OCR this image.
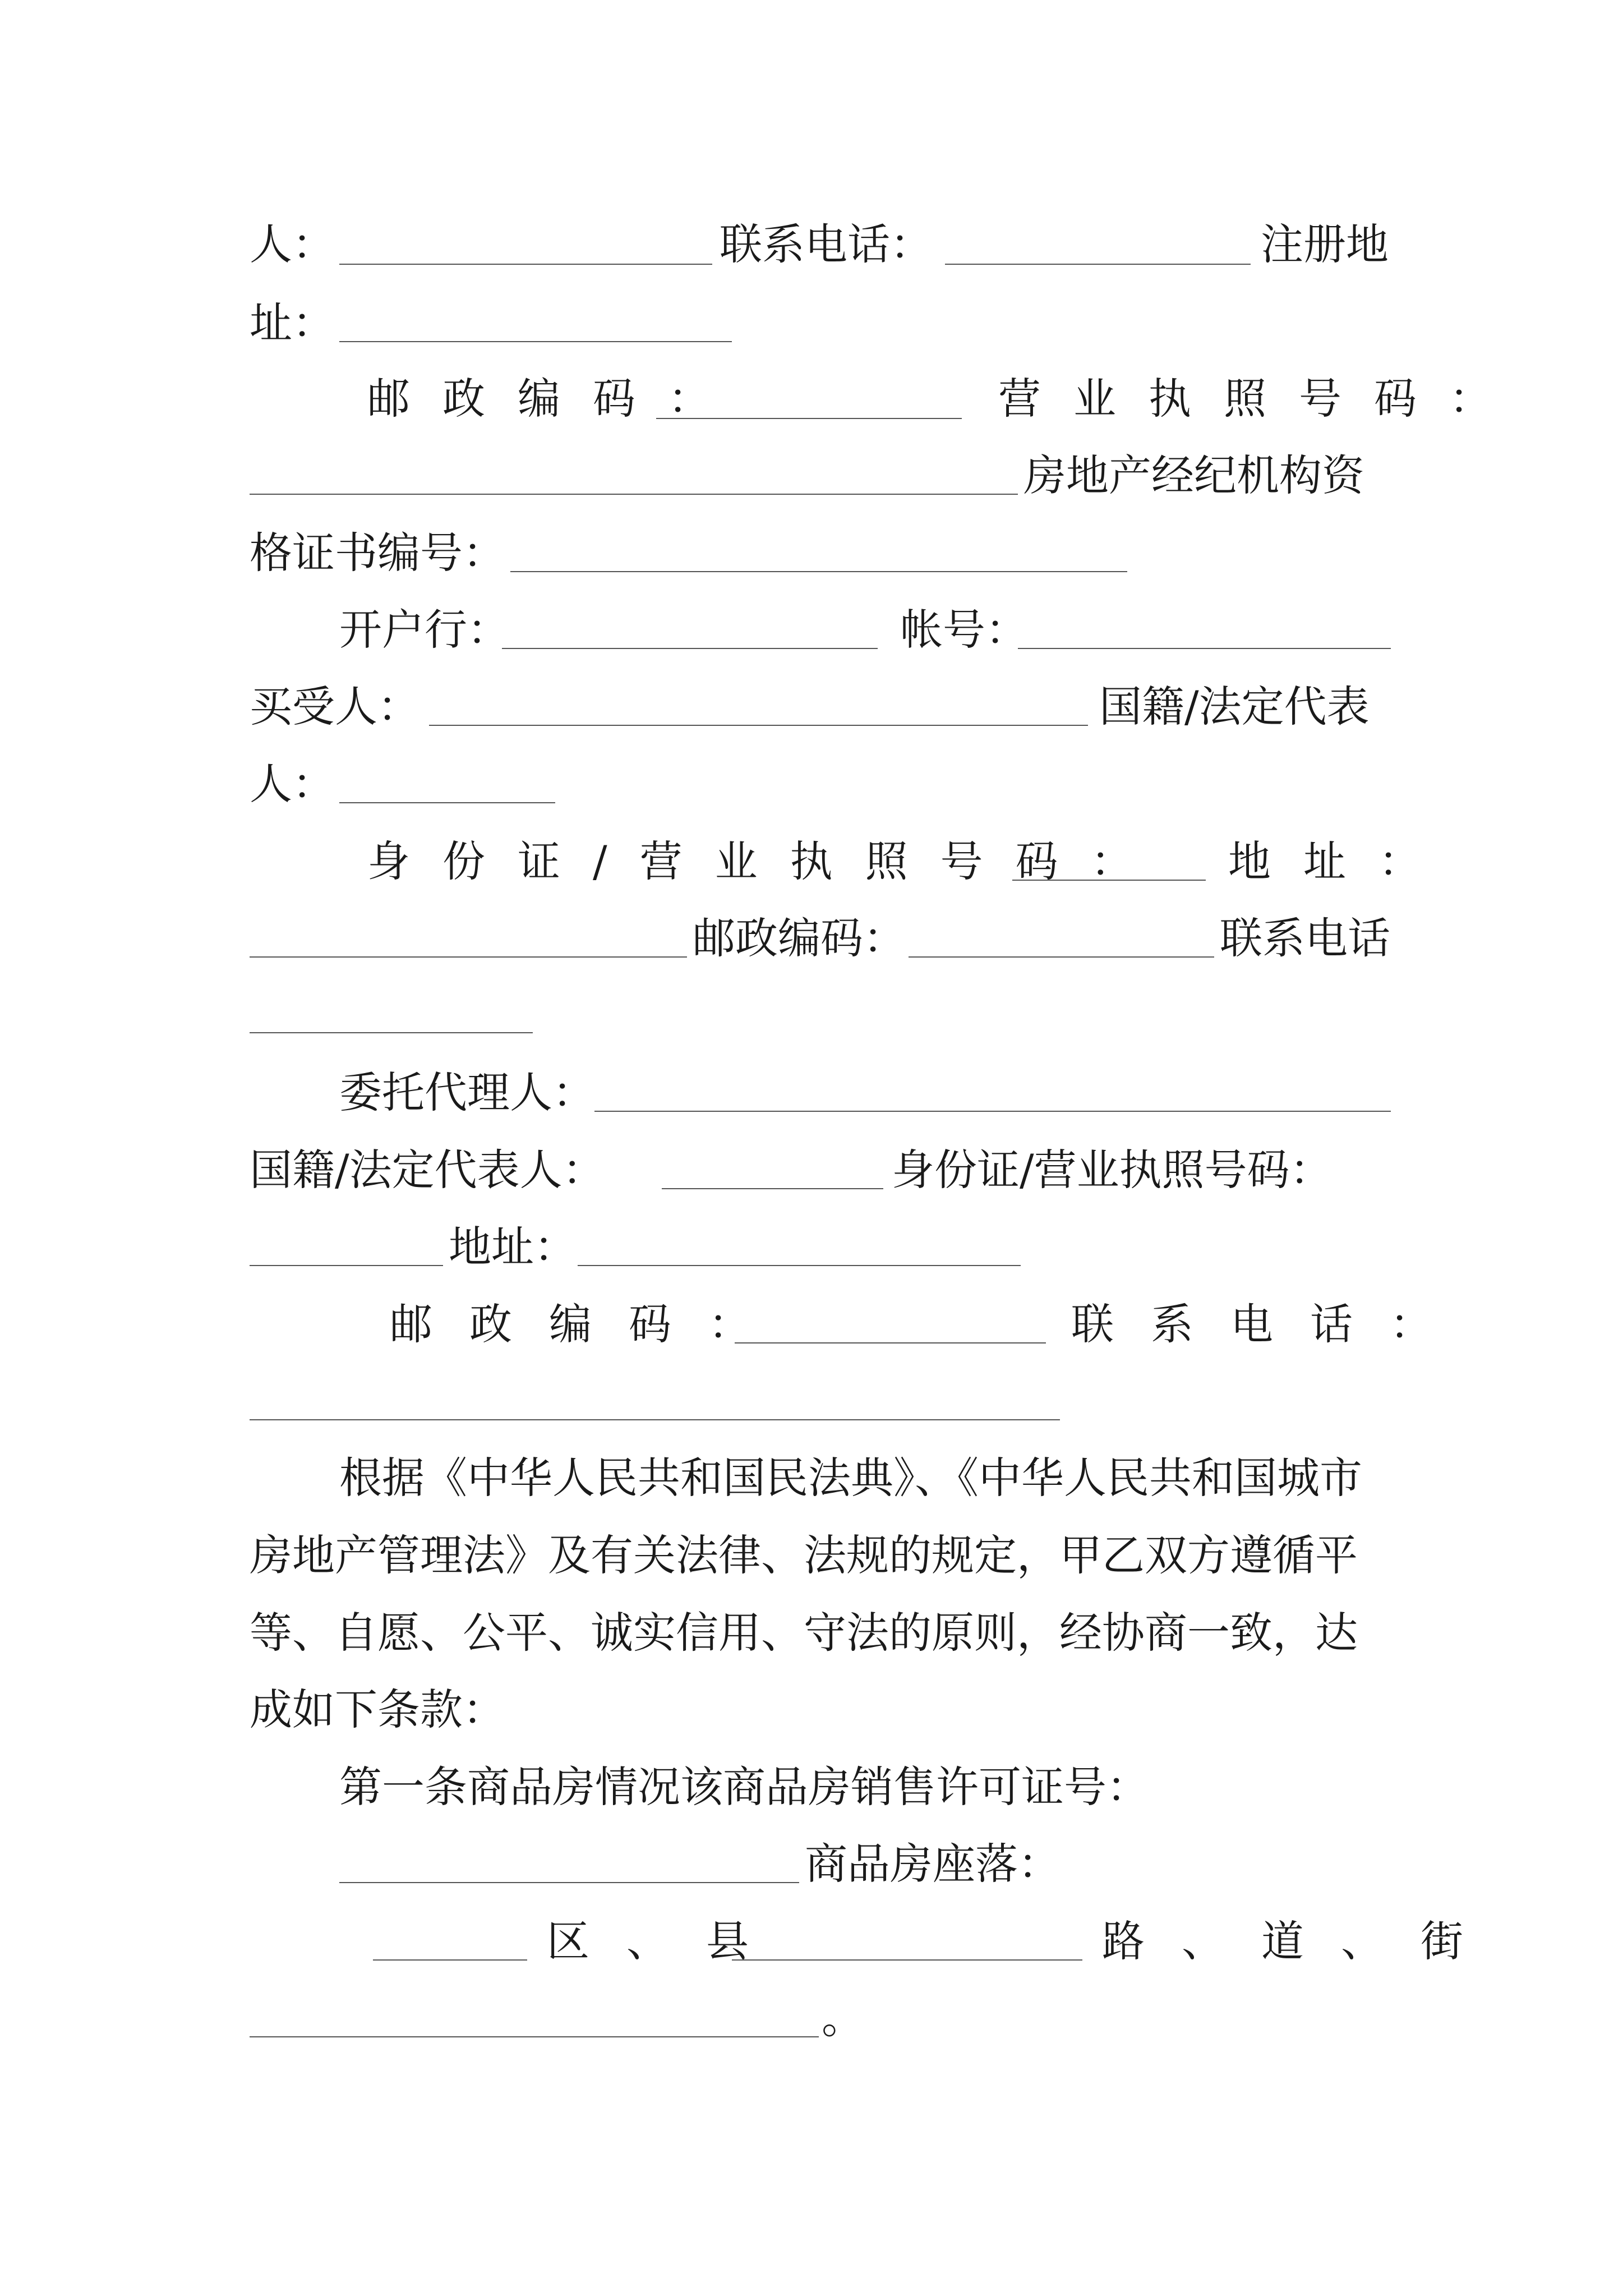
人：	联系电话：	注册地
址：
邮政编码：	营业执照号码：
房地产经纪机构资
格证书编号：
开户行：	帐号：
买受人：	国籍/法定代表
人：
身份证/营业执照号码： 地址：
邮政编码：	联系电话
委托代理人：
国籍/法定代表人：	身份证/营业执照号码：
地址：
邮政编码：	联系电话：
根据《中华人民共和国民法典》、《中华人民共和国城市
房地产管理法》及有关法律、法规的规定，甲乙双方遵循平
等、自愿、公平、诚实信用、守法的原则，经协商一致，达
成如下条款：
第一条商品房情况该商品房销售许可证号：
商品房座落：
区、县	路、道、街
。
